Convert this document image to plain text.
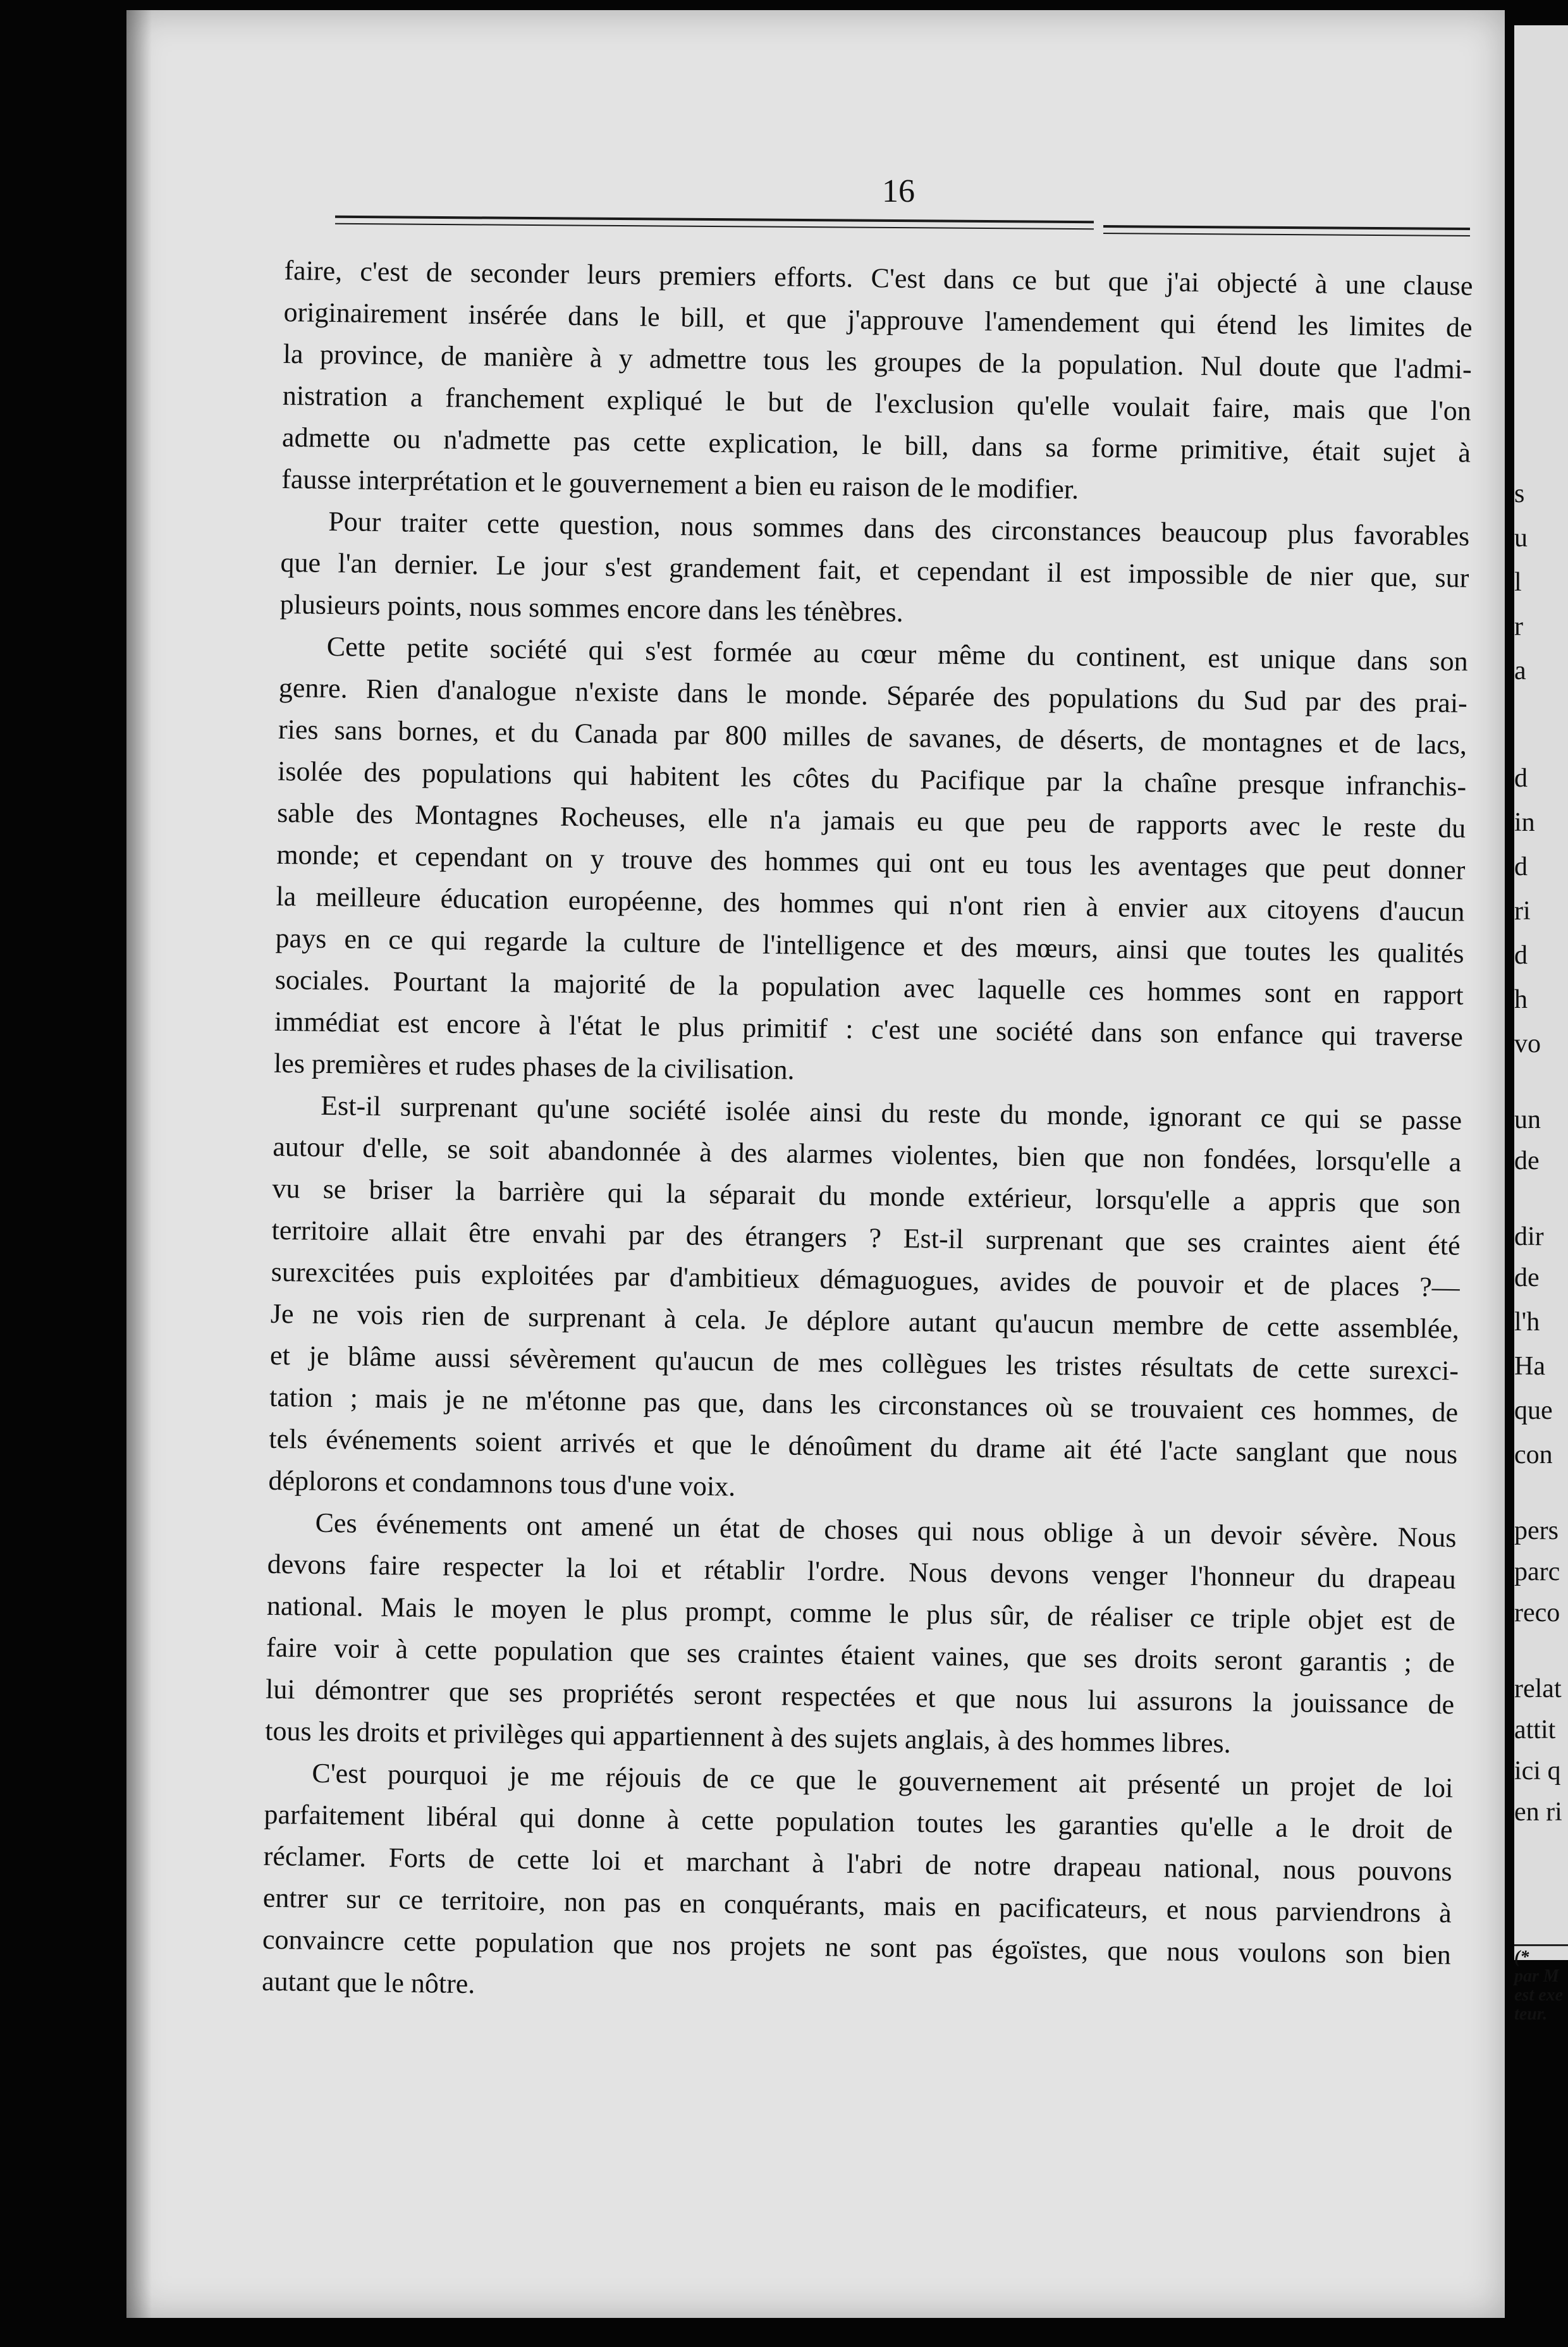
16
faire, c'est de seconder leurs premiers efforts. C'est dans ce but que j'ai objecté à une clause
originairement insérée dans le bill, et que j'approuve l'amendement qui étend les limites de
la province, de manière à y admettre tous les groupes de la population. Nul doute que l'admi-
nistration a franchement expliqué le but de l'exclusion qu'elle voulait faire, mais que l'on
admette ou n'admette pas cette explication, le bill, dans sa forme primitive, était sujet à
fausse interprétation et le gouvernement a bien eu raison de le modifier.
Pour traiter cette question, nous sommes dans des circonstances beaucoup plus favorables
que l'an dernier. Le jour s'est grandement fait, et cependant il est impossible de nier que, sur
plusieurs points, nous sommes encore dans les ténèbres.
Cette petite société qui s'est formée au cœur même du continent, est unique dans son
genre. Rien d'analogue n'existe dans le monde. Séparée des populations du Sud par des prai-
ries sans bornes, et du Canada par 800 milles de savanes, de déserts, de montagnes et de lacs,
isolée des populations qui habitent les côtes du Pacifique par la chaîne presque infranchis-
sable des Montagnes Rocheuses, elle n'a jamais eu que peu de rapports avec le reste du
monde; et cependant on y trouve des hommes qui ont eu tous les aventages que peut donner
la meilleure éducation européenne, des hommes qui n'ont rien à envier aux citoyens d'aucun
pays en ce qui regarde la culture de l'intelligence et des mœurs, ainsi que toutes les qualités
sociales. Pourtant la majorité de la population avec laquelle ces hommes sont en rapport
immédiat est encore à l'état le plus primitif : c'est une société dans son enfance qui traverse
les premières et rudes phases de la civilisation.
Est-il surprenant qu'une société isolée ainsi du reste du monde, ignorant ce qui se passe
autour d'elle, se soit abandonnée à des alarmes violentes, bien que non fondées, lorsqu'elle a
vu se briser la barrière qui la séparait du monde extérieur, lorsqu'elle a appris que son
territoire allait être envahi par des étrangers ? Est-il surprenant que ses craintes aient été
surexcitées puis exploitées par d'ambitieux démaguogues, avides de pouvoir et de places ?—
Je ne vois rien de surprenant à cela. Je déplore autant qu'aucun membre de cette assemblée,
et je blâme aussi sévèrement qu'aucun de mes collègues les tristes résultats de cette surexci-
tation ; mais je ne m'étonne pas que, dans les circonstances où se trouvaient ces hommes, de
tels événements soient arrivés et que le dénoûment du drame ait été l'acte sanglant que nous
déplorons et condamnons tous d'une voix.
Ces événements ont amené un état de choses qui nous oblige à un devoir sévère. Nous
devons faire respecter la loi et rétablir l'ordre. Nous devons venger l'honneur du drapeau
national. Mais le moyen le plus prompt, comme le plus sûr, de réaliser ce triple objet est de
faire voir à cette population que ses craintes étaient vaines, que ses droits seront garantis ; de
lui démontrer que ses propriétés seront respectées et que nous lui assurons la jouissance de
tous les droits et privilèges qui appartiennent à des sujets anglais, à des hommes libres.
C'est pourquoi je me réjouis de ce que le gouvernement ait présenté un projet de loi
parfaitement libéral qui donne à cette population toutes les garanties qu'elle a le droit de
réclamer. Forts de cette loi et marchant à l'abri de notre drapeau national, nous pouvons
entrer sur ce territoire, non pas en conquérants, mais en pacificateurs, et nous parviendrons à
convaincre cette population que nos projets ne sont pas égoïstes, que nous voulons son bien
autant que le nôtre.
s
u
l
r
a
d
in
d
ri
d
h
vo
un
de
dir
de
l'h
Ha
que
con
pers
parc
reco
relat
attit
ici q
en ri
(*
par M
est exe
teur.
